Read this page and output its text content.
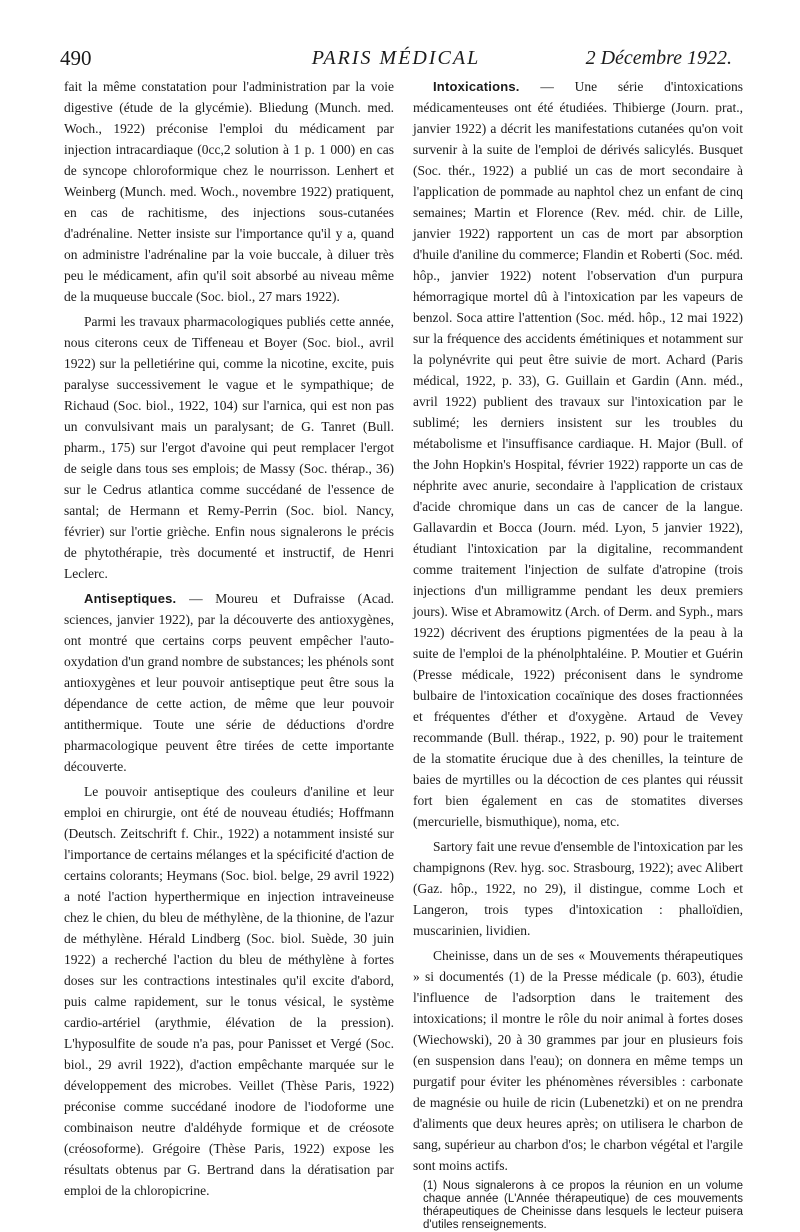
490	PARIS MÉDICAL	2 Décembre 1922.

fait la même constatation pour l'administration par la voie digestive (étude de la glycémie). Bliedung (Munch. med. Woch., 1922) préconise l'emploi du médicament par injection intracardiaque (0cc,2 solution à 1 p. 1 000) en cas de syncope chloroformique chez le nourrisson. Lenhert et Weinberg (Munch. med. Woch., novembre 1922) pratiquent, en cas de rachitisme, des injections sous-cutanées d'adrénaline. Netter insiste sur l'importance qu'il y a, quand on administre l'adrénaline par la voie buccale, à diluer très peu le médicament, afin qu'il soit absorbé au niveau même de la muqueuse buccale (Soc. biol., 27 mars 1922).

Parmi les travaux pharmacologiques publiés cette année, nous citerons ceux de Tiffeneau et Boyer (Soc. biol., avril 1922) sur la pelletiérine qui, comme la nicotine, excite, puis paralyse successivement le vague et le sympathique; de Richaud (Soc. biol., 1922, 104) sur l'arnica, qui est non pas un convulsivant mais un paralysant; de G. Tanret (Bull. pharm., 175) sur l'ergot d'avoine qui peut remplacer l'ergot de seigle dans tous ses emplois; de Massy (Soc. thérap., 36) sur le Cedrus atlantica comme succédané de l'essence de santal; de Hermann et Remy-Perrin (Soc. biol. Nancy, février) sur l'ortie grièche. Enfin nous signalerons le précis de phytothérapie, très documenté et instructif, de Henri Leclerc.

Antiseptiques. — Moureu et Dufraisse (Acad. sciences, janvier 1922), par la découverte des antioxygènes, ont montré que certains corps peuvent empêcher l'auto-oxydation d'un grand nombre de substances; les phénols sont antioxygènes et leur pouvoir antiseptique peut être sous la dépendance de cette action, de même que leur pouvoir antithermique. Toute une série de déductions d'ordre pharmacologique peuvent être tirées de cette importante découverte.

Le pouvoir antiseptique des couleurs d'aniline et leur emploi en chirurgie, ont été de nouveau étudiés; Hoffmann (Deutsch. Zeitschrift f. Chir., 1922) a notamment insisté sur l'importance de certains mélanges et la spécificité d'action de certains colorants; Heymans (Soc. biol. belge, 29 avril 1922) a noté l'action hyperthermique en injection intraveineuse chez le chien, du bleu de méthylène, de la thionine, de l'azur de méthylène. Hérald Lindberg (Soc. biol. Suède, 30 juin 1922) a recherché l'action du bleu de méthylène à fortes doses sur les contractions intestinales qu'il excite d'abord, puis calme rapidement, sur le tonus vésical, le système cardio-artériel (arythmie, élévation de la pression). L'hyposulfite de soude n'a pas, pour Panisset et Vergé (Soc. biol., 29 avril 1922), d'action empêchante marquée sur le développement des microbes. Veillet (Thèse Paris, 1922) préconise comme succédané inodore de l'iodoforme une combinaison neutre d'aldéhyde formique et de créosote (créosoforme). Grégoire (Thèse Paris, 1922) expose les résultats obtenus par G. Bertrand dans la dératisation par emploi de la chloropicrine.

Intoxications. — Une série d'intoxications médicamenteuses ont été étudiées. Thibierge (Journ. prat., janvier 1922) a décrit les manifestations cutanées qu'on voit survenir à la suite de l'emploi de dérivés salicylés. Busquet (Soc. thér., 1922) a publié un cas de mort secondaire à l'application de pommade au naphtol chez un enfant de cinq semaines; Martin et Florence (Rev. méd. chir. de Lille, janvier 1922) rapportent un cas de mort par absorption d'huile d'aniline du commerce; Flandin et Roberti (Soc. méd. hôp., janvier 1922) notent l'observation d'un purpura hémorragique mortel dû à l'intoxication par les vapeurs de benzol. Soca attire l'attention (Soc. méd. hôp., 12 mai 1922) sur la fréquence des accidents émétiniques et notamment sur la polynévrite qui peut être suivie de mort. Achard (Paris médical, 1922, p. 33), G. Guillain et Gardin (Ann. méd., avril 1922) publient des travaux sur l'intoxication par le sublimé; les derniers insistent sur les troubles du métabolisme et l'insuffisance cardiaque. H. Major (Bull. of the John Hopkin's Hospital, février 1922) rapporte un cas de néphrite avec anurie, secondaire à l'application de cristaux d'acide chromique dans un cas de cancer de la langue. Gallavardin et Bocca (Journ. méd. Lyon, 5 janvier 1922), étudiant l'intoxication par la digitaline, recommandent comme traitement l'injection de sulfate d'atropine (trois injections d'un milligramme pendant les deux premiers jours). Wise et Abramowitz (Arch. of Derm. and Syph., mars 1922) décrivent des éruptions pigmentées de la peau à la suite de l'emploi de la phénolphtaléine. P. Moutier et Guérin (Presse médicale, 1922) préconisent dans le syndrome bulbaire de l'intoxication cocaïnique des doses fractionnées et fréquentes d'éther et d'oxygène. Artaud de Vevey recommande (Bull. thérap., 1922, p. 90) pour le traitement de la stomatite érucique due à des chenilles, la teinture de baies de myrtilles ou la décoction de ces plantes qui réussit fort bien également en cas de stomatites diverses (mercurielle, bismuthique), noma, etc.

Sartory fait une revue d'ensemble de l'intoxication par les champignons (Rev. hyg. soc. Strasbourg, 1922); avec Alibert (Gaz. hôp., 1922, no 29), il distingue, comme Loch et Langeron, trois types d'intoxication : phalloïdien, muscarinien, lividien.

Cheinisse, dans un de ses « Mouvements thérapeutiques » si documentés (1) de la Presse médicale (p. 603), étudie l'influence de l'adsorption dans le traitement des intoxications; il montre le rôle du noir animal à fortes doses (Wiechowski), 20 à 30 grammes par jour en plusieurs fois (en suspension dans l'eau); on donnera en même temps un purgatif pour éviter les phénomènes réversibles : carbonate de magnésie ou huile de ricin (Lubenetzki) et on ne prendra d'aliments que deux heures après; on utilisera le charbon de sang, supérieur au charbon d'os; le charbon végétal et l'argile sont moins actifs.

(1) Nous signalerons à ce propos la réunion en un volume chaque année (L'Année thérapeutique) de ces mouvements thérapeutiques de Cheinisse dans lesquels le lecteur puisera d'utiles renseignements.
